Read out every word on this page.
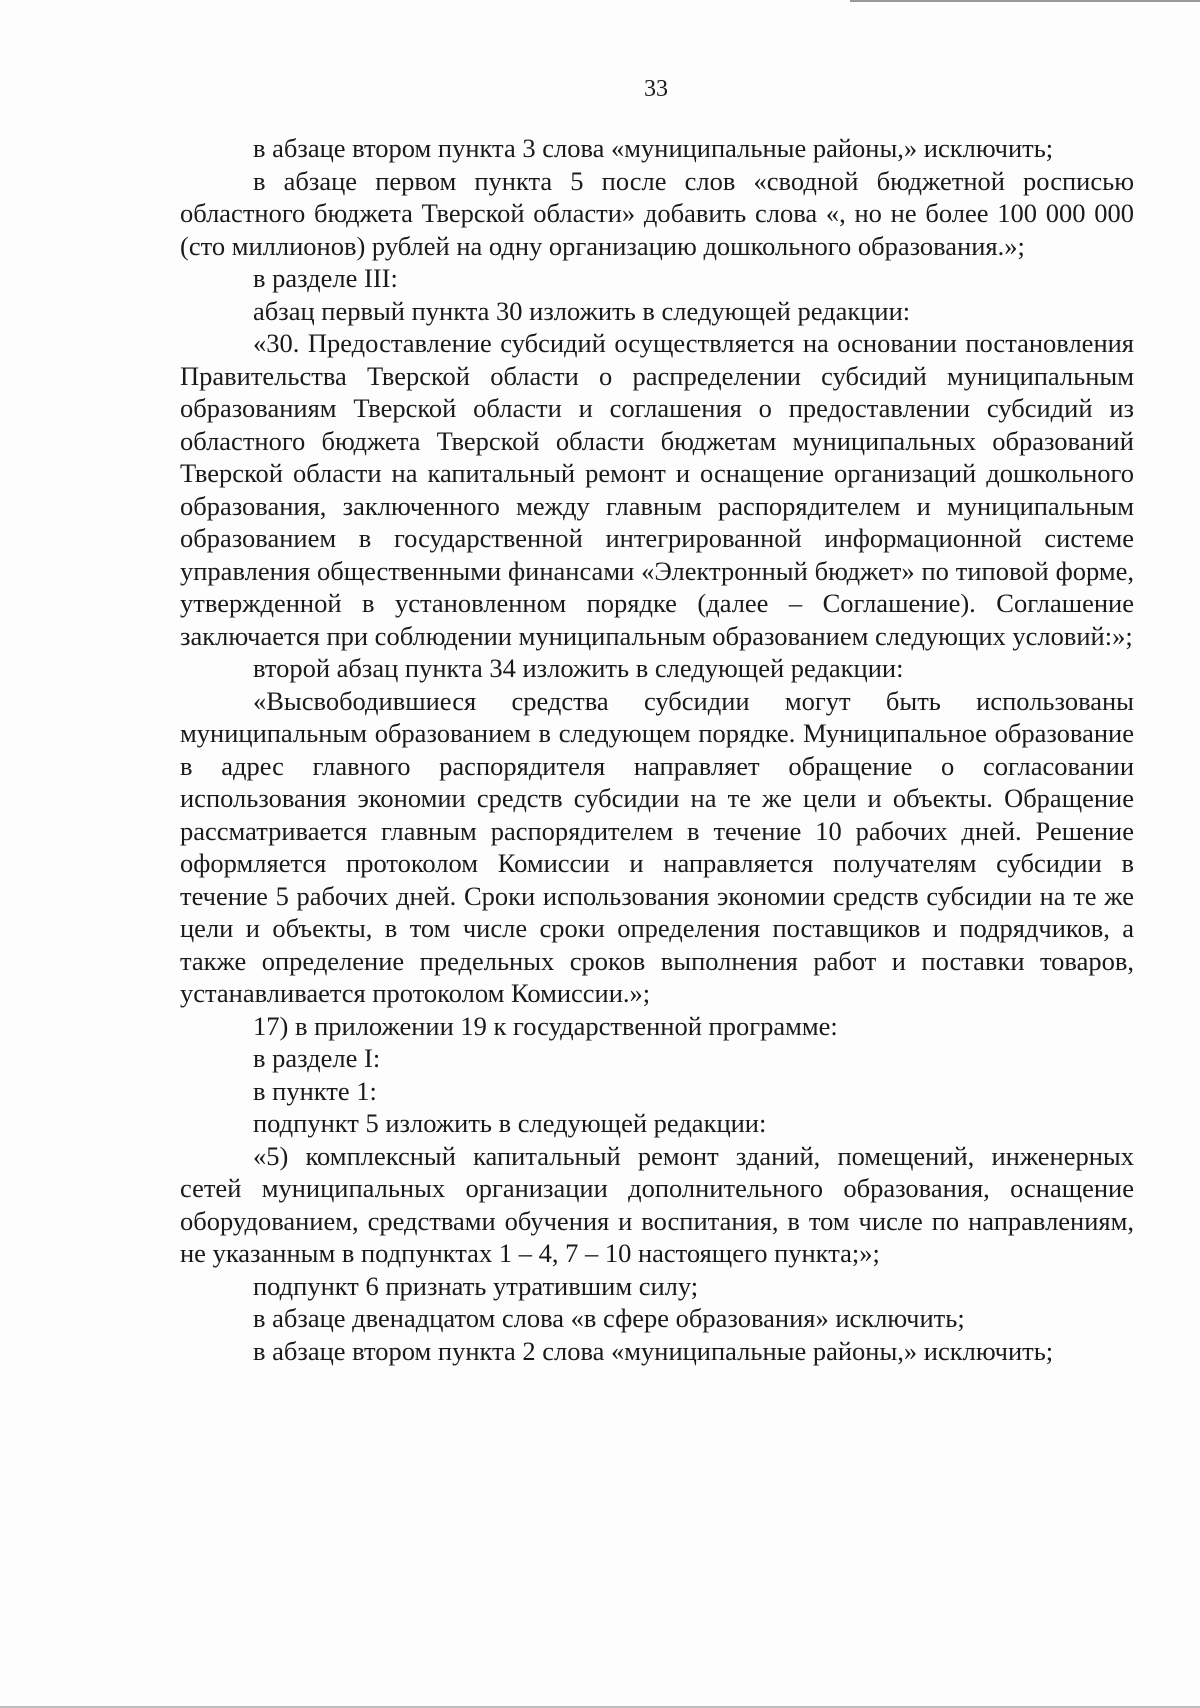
33

в абзаце втором пункта 3 слова «муниципальные районы,» исключить;

в абзаце первом пункта 5 после слов «сводной бюджетной росписью областного бюджета Тверской области» добавить слова «, но не более 100 000 000 (сто миллионов) рублей на одну организацию дошкольного образования.»;

в разделе III:

абзац первый пункта 30 изложить в следующей редакции:

«30. Предоставление субсидий осуществляется на основании постановления Правительства Тверской области о распределении субсидий муниципальным образованиям Тверской области и соглашения о предоставлении субсидий из областного бюджета Тверской области бюджетам муниципальных образований Тверской области на капитальный ремонт и оснащение организаций дошкольного образования, заключенного между главным распорядителем и муниципальным образованием в государственной интегрированной информационной системе управления общественными финансами «Электронный бюджет» по типовой форме, утвержденной в установленном порядке (далее – Соглашение). Соглашение заключается при соблюдении муниципальным образованием следующих условий:»;

второй абзац пункта 34 изложить в следующей редакции:

«Высвободившиеся средства субсидии могут быть использованы муниципальным образованием в следующем порядке. Муниципальное образование в адрес главного распорядителя направляет обращение о согласовании использования экономии средств субсидии на те же цели и объекты. Обращение рассматривается главным распорядителем в течение 10 рабочих дней. Решение оформляется протоколом Комиссии и направляется получателям субсидии в течение 5 рабочих дней. Сроки использования экономии средств субсидии на те же цели и объекты, в том числе сроки определения поставщиков и подрядчиков, а также определение предельных сроков выполнения работ и поставки товаров, устанавливается протоколом Комиссии.»;

17) в приложении 19 к государственной программе:

в разделе I:

в пункте 1:

подпункт 5 изложить в следующей редакции:

«5) комплексный капитальный ремонт зданий, помещений, инженерных сетей муниципальных организации дополнительного образования, оснащение оборудованием, средствами обучения и воспитания, в том числе по направлениям, не указанным в подпунктах 1 – 4, 7 – 10 настоящего пункта;»;

подпункт 6 признать утратившим силу;

в абзаце двенадцатом слова «в сфере образования» исключить;

в абзаце втором пункта 2 слова «муниципальные районы,» исключить;
